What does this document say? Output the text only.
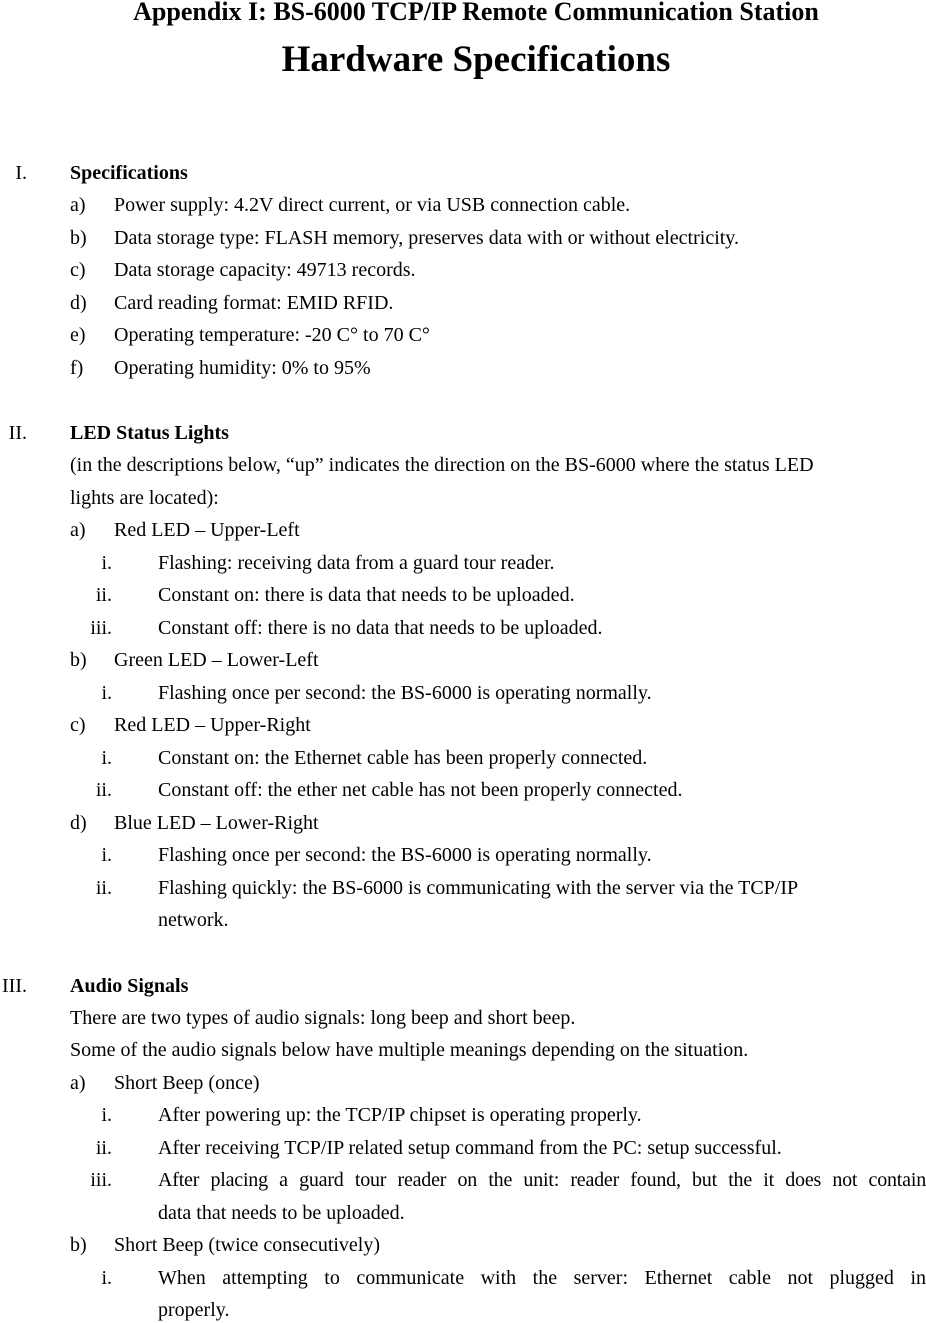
Appendix I: BS-6000 TCP/IP Remote Communication Station
Hardware Specifications
I. Specifications
a) Power supply: 4.2V direct current, or via USB connection cable.
b) Data storage type: FLASH memory, preserves data with or without electricity.
c) Data storage capacity: 49713 records.
d) Card reading format: EMID RFID.
e) Operating temperature: -20 C° to 70 C°
f) Operating humidity: 0% to 95%
II. LED Status Lights
(in the descriptions below, “up” indicates the direction on the BS-6000 where the status LED
lights are located):
a) Red LED – Upper-Left
i. Flashing: receiving data from a guard tour reader.
ii. Constant on: there is data that needs to be uploaded.
iii. Constant off: there is no data that needs to be uploaded.
b) Green LED – Lower-Left
i. Flashing once per second: the BS-6000 is operating normally.
c) Red LED – Upper-Right
i. Constant on: the Ethernet cable has been properly connected.
ii. Constant off: the ether net cable has not been properly connected.
d) Blue LED – Lower-Right
i. Flashing once per second: the BS-6000 is operating normally.
ii. Flashing quickly: the BS-6000 is communicating with the server via the TCP/IP
network.
III. Audio Signals
There are two types of audio signals: long beep and short beep.
Some of the audio signals below have multiple meanings depending on the situation.
a) Short Beep (once)
i. After powering up: the TCP/IP chipset is operating properly.
ii. After receiving TCP/IP related setup command from the PC: setup successful.
iii. After placing a guard tour reader on the unit: reader found, but the it does not contain
data that needs to be uploaded.
b) Short Beep (twice consecutively)
i. When attempting to communicate with the server: Ethernet cable not plugged in
properly.
